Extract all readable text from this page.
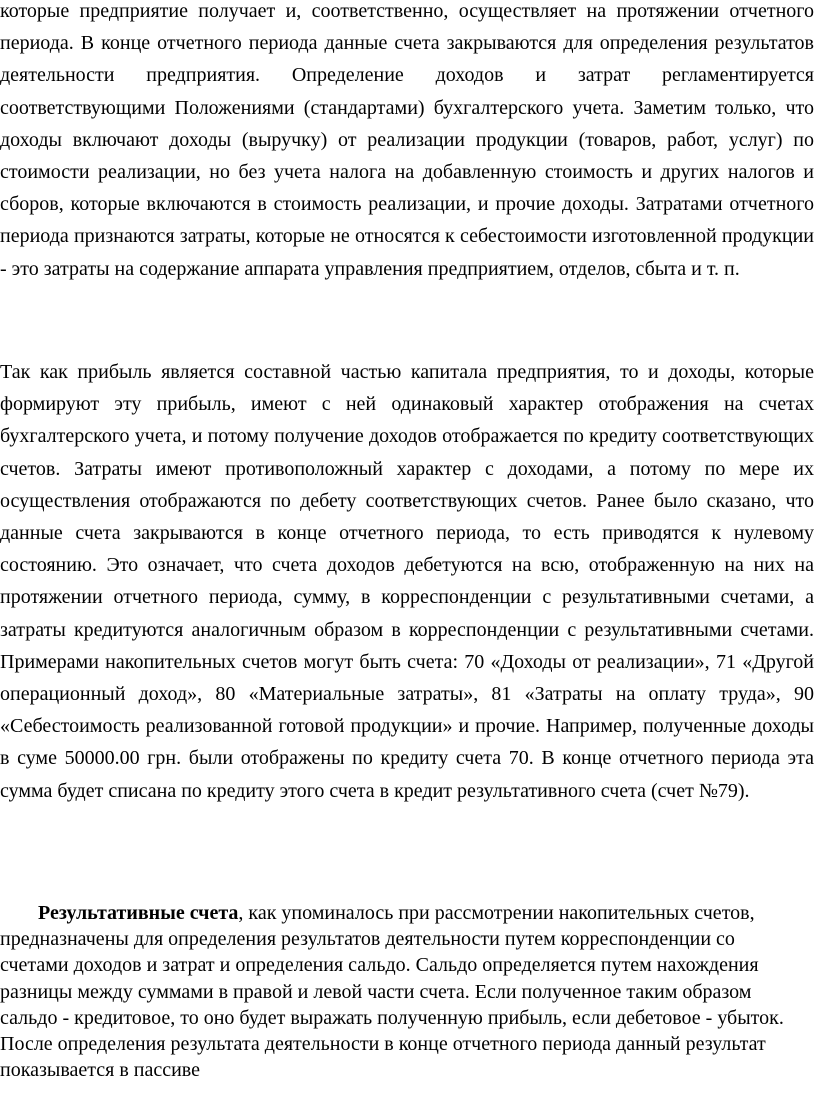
которые предприятие получает и, соответственно, осуществляет на протяжении отчетного периода. В конце отчетного периода данные счета закрываются для определения результатов деятельности предприятия. Определение доходов и затрат регламентируется соответствующими Положениями (стандартами) бухгалтерского учета. Заметим только, что доходы включают доходы (выручку) от реализации продукции (товаров, работ, услуг) по стоимости реализации, но без учета налога на добавленную стоимость и других налогов и сборов, которые включаются в стоимость реализации, и прочие доходы. Затратами отчетного периода признаются затраты, которые не относятся к себестоимости изготовленной продукции - это затраты на содержание аппарата управления предприятием, отделов, сбыта и т. п.

Так как прибыль является составной частью капитала предприятия, то и доходы, которые формируют эту прибыль, имеют с ней одинаковый характер отображения на счетах бухгалтерского учета, и потому получение доходов отображается по кредиту соответствующих счетов. Затраты имеют противоположный характер с доходами, а потому по мере их осуществления отображаются по дебету соответствующих счетов. Ранее было сказано, что данные счета закрываются в конце отчетного периода, то есть приводятся к нулевому состоянию. Это означает, что счета доходов дебетуются на всю, отображенную на них на протяжении отчетного периода, сумму, в корреспонденции с результативными счетами, а затраты кредитуются аналогичным образом в корреспонденции с результативными счетами. Примерами накопительных счетов могут быть счета: 70 «Доходы от реализации», 71 «Другой операционный доход», 80 «Материальные затраты», 81 «Затраты на оплату труда», 90 «Себестоимость реализованной готовой продукции» и прочие. Например, полученные доходы в суме 50000.00 грн. были отображены по кредиту счета 70. В конце отчетного периода эта сумма будет списана по кредиту этого счета в кредит результативного счета (счет №79).

Результативные счета, как упоминалось при рассмотрении накопительных счетов, предназначены для определения результатов деятельности путем корреспонденции со счетами доходов и затрат и определения сальдо. Сальдо определяется путем нахождения разницы между суммами в правой и левой части счета. Если полученное таким образом сальдо - кредитовое, то оно будет выражать полученную прибыль, если дебетовое - убыток. После определения результата деятельности в конце отчетного периода данный результат показывается в пассиве
